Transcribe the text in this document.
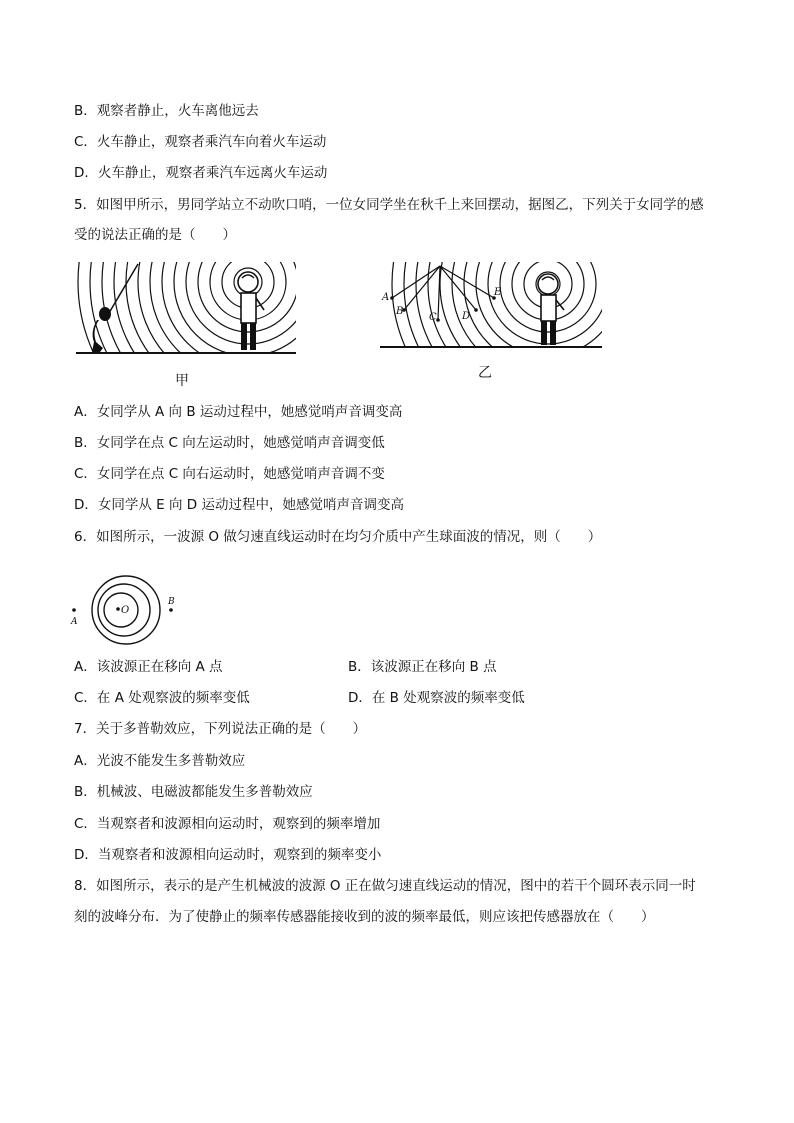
B．观察者静止，火车离他远去
C．火车静止，观察者乘汽车向着火车运动
D．火车静止，观察者乘汽车远离火车运动
5．如图甲所示，男同学站立不动吹口哨，一位女同学坐在秋千上来回摆动，据图乙，下列关于女同学的感
受的说法正确的是（　　）
甲
A
B
C	D
E
乙
A．女同学从 A 向 B 运动过程中，她感觉哨声音调变高
B．女同学在点 C 向左运动时，她感觉哨声音调变低
C．女同学在点 C 向右运动时，她感觉哨声音调不变
D．女同学从 E 向 D 运动过程中，她感觉哨声音调变高
6．如图所示，一波源 O 做匀速直线运动时在均匀介质中产生球面波的情况，则（　　）
O
A
B
A．该波源正在移向 A 点	B．该波源正在移向 B 点
C．在 A 处观察波的频率变低	D．在 B 处观察波的频率变低
7．关于多普勒效应，下列说法正确的是（　　）
A．光波不能发生多普勒效应
B．机械波、电磁波都能发生多普勒效应
C．当观察者和波源相向运动时，观察到的频率增加
D．当观察者和波源相向运动时，观察到的频率变小
8．如图所示，表示的是产生机械波的波源 O 正在做匀速直线运动的情况，图中的若干个圆环表示同一时
刻的波峰分布．为了使静止的频率传感器能接收到的波的频率最低，则应该把传感器放在（　　）
